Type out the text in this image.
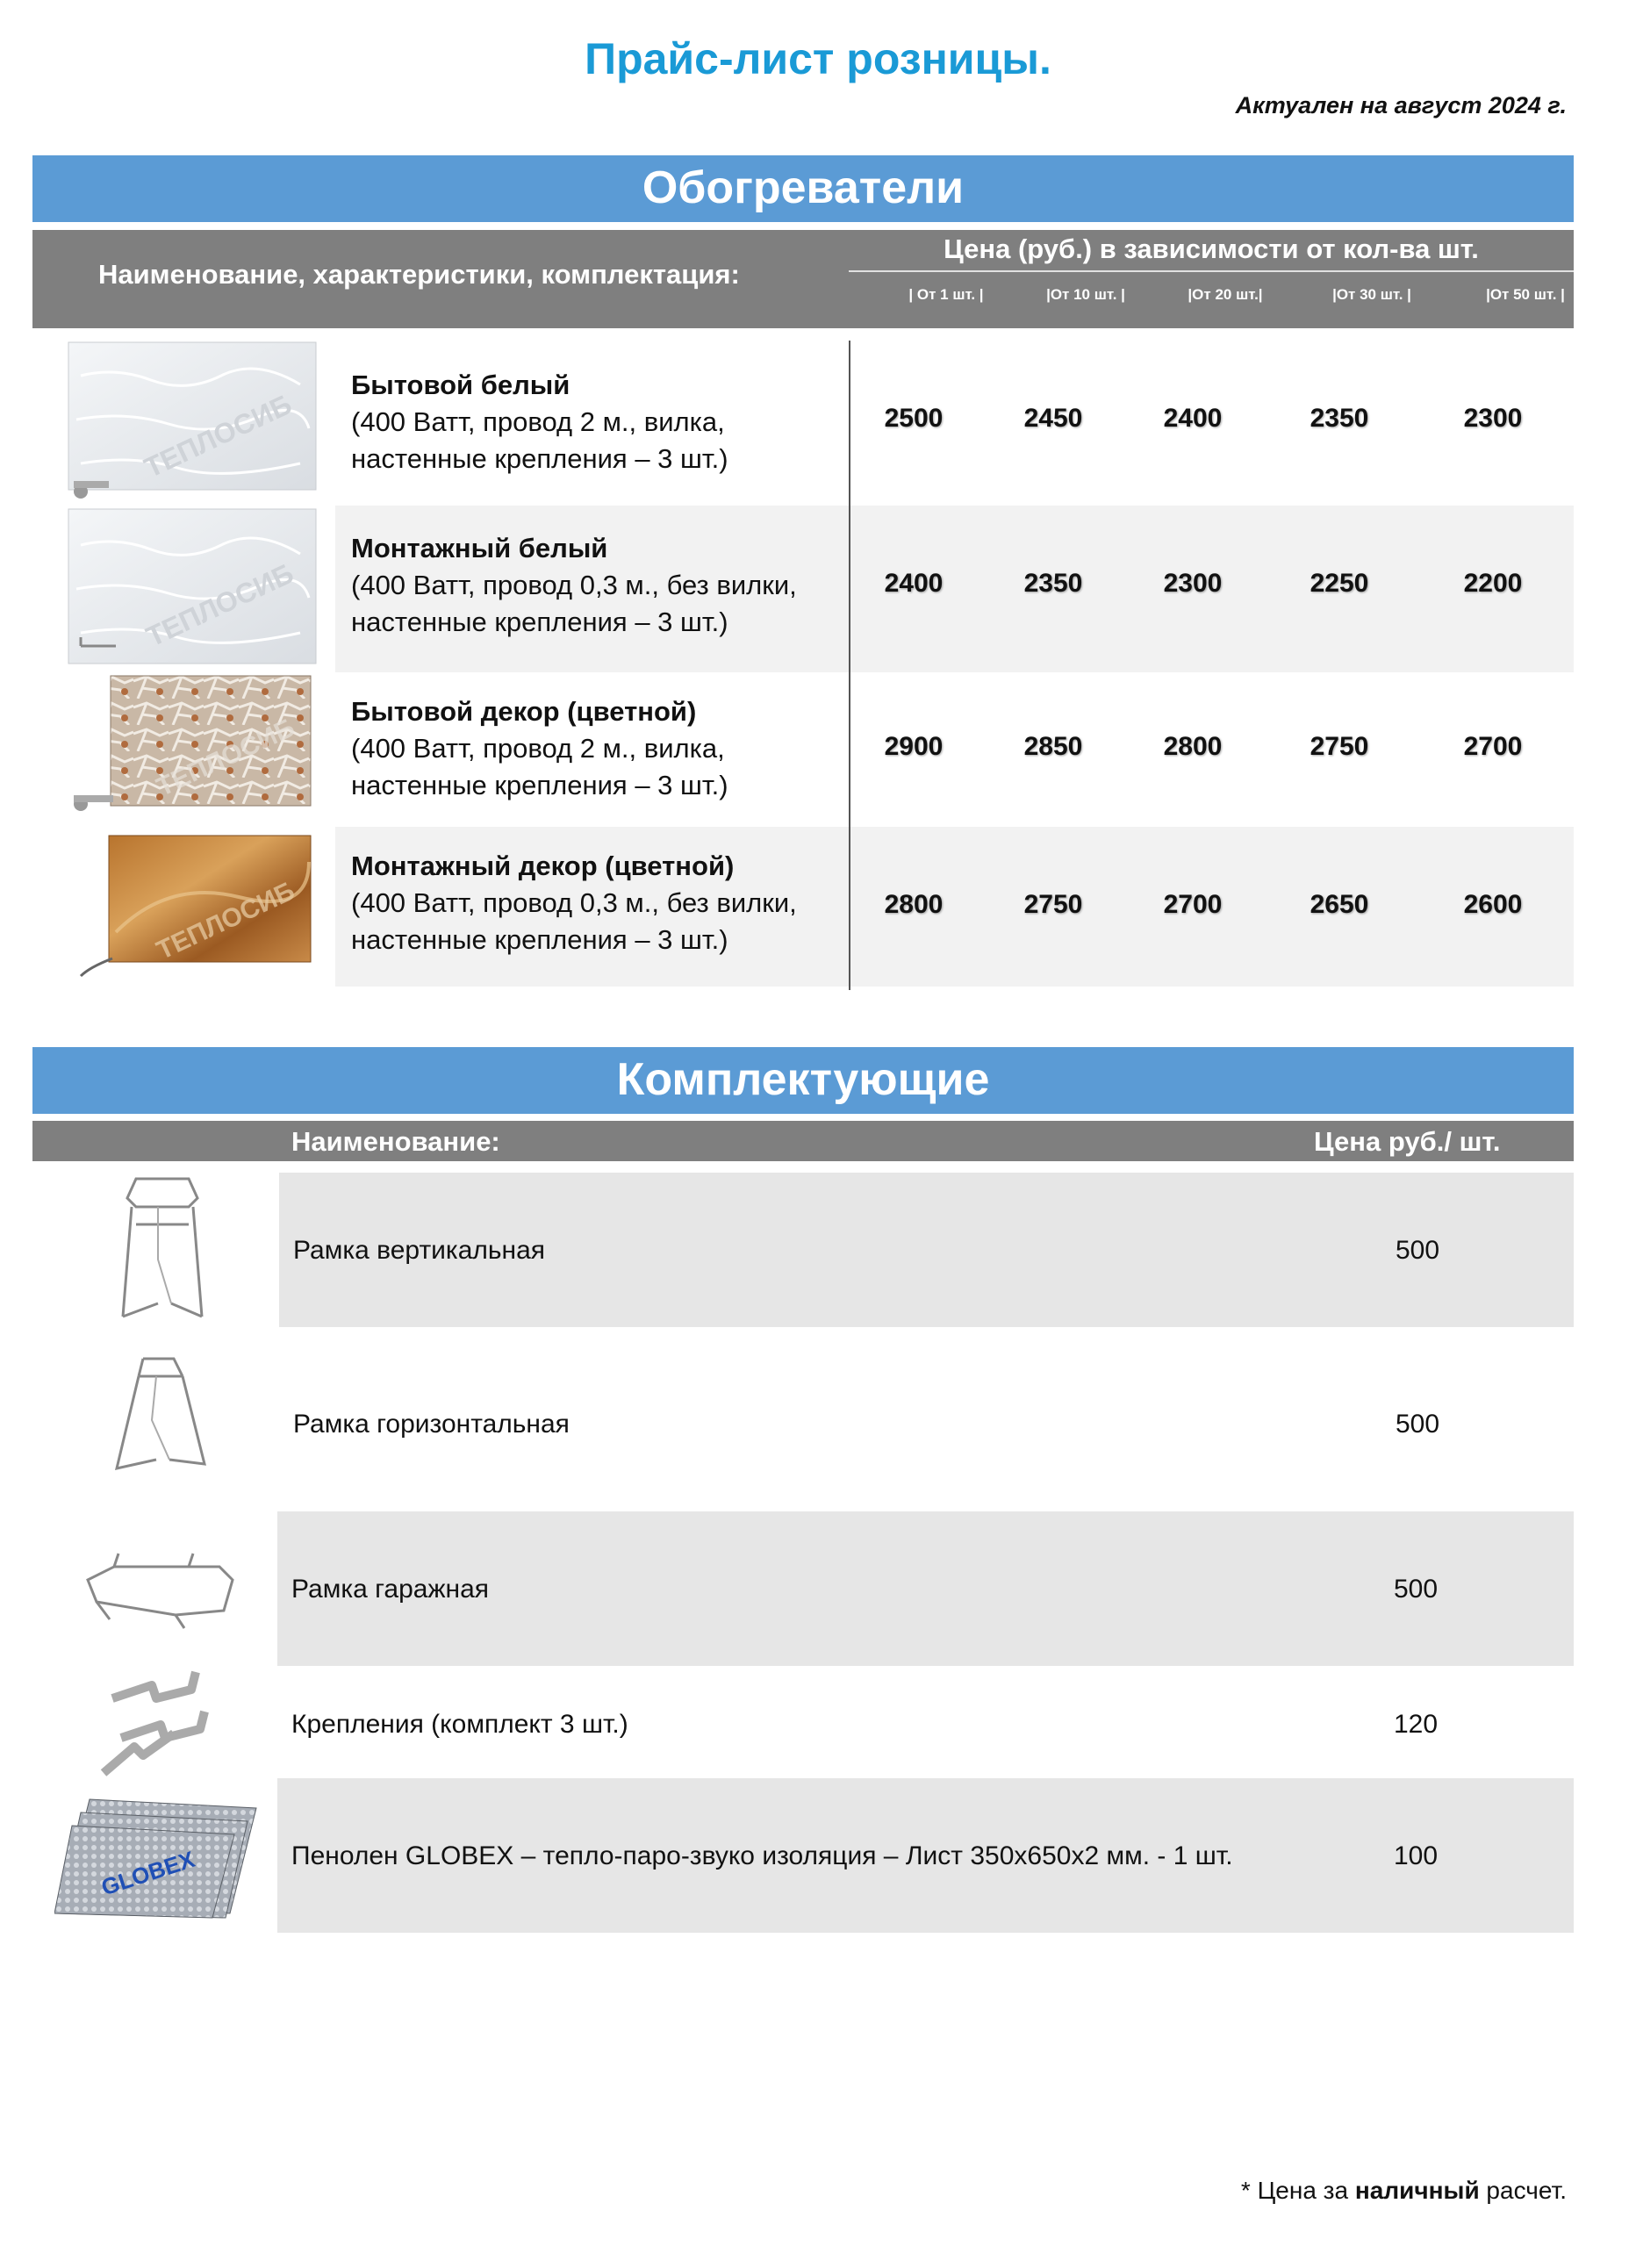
Прайс-лист розницы.
Актуален на август 2024 г.
Обогреватели
Наименование, характеристики, комплектация:
Цена (руб.) в зависимости от кол-ва шт.
| От 1 шт. |	|От 10 шт. |	|От 20 шт.|	|От 30 шт. |	|От 50 шт. |
ТЕПЛОСИБ
Бытовой белый
(400 Ватт, провод 2 м., вилка,
настенные крепления – 3 шт.)
2500	2450	2400	2350	2300
ТЕПЛОСИБ
Монтажный белый
(400 Ватт, провод 0,3 м., без вилки,
настенные крепления – 3 шт.)
2400	2350	2300	2250	2200
ТЕПЛОСИБ
Бытовой декор (цветной)
(400 Ватт, провод 2 м., вилка,
настенные крепления – 3 шт.)
2900	2850	2800	2750	2700
ТЕПЛОСИБ
Монтажный декор (цветной)
(400 Ватт, провод 0,3 м., без вилки,
настенные крепления – 3 шт.)
2800	2750	2700	2650	2600
Комплектующие
Наименование:	Цена руб./ шт.
Рамка вертикальная	500
Рамка горизонтальная	500
Рамка гаражная	500
Крепления (комплект 3 шт.)	120
GLOBEX	Пенолен GLOBEX – тепло-паро-звуко изоляция – Лист 350х650х2 мм. - 1 шт.	100
* Цена за наличный расчет.
